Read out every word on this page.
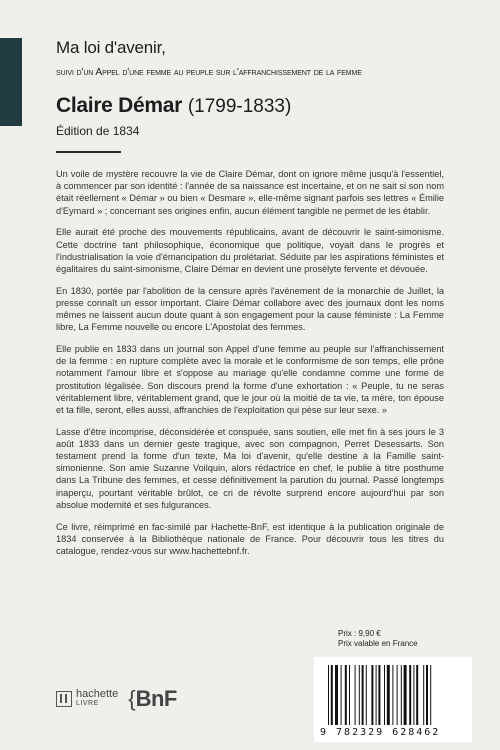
Ma loi d'avenir,
suivi d'un Appel d'une femme au peuple sur l'affranchissement de la femme
Claire Démar (1799-1833)
Édition de 1834

Un voile de mystère recouvre la vie de Claire Démar, dont on ignore même jusqu'à l'essentiel, à commencer par son identité : l'année de sa naissance est incertaine, et on ne sait si son nom était réellement « Démar » ou bien « Desmare », elle-même signant parfois ses lettres « Émilie d'Eymard » ; concernant ses origines enfin, aucun élément tangible ne permet de les établir.

Elle aurait été proche des mouvements républicains, avant de découvrir le saint-simonisme. Cette doctrine tant philosophique, économique que politique, voyait dans le progrès et l'industrialisation la voie d'émancipation du prolétariat. Séduite par les aspirations féministes et égalitaires du saint-simonisme, Claire Démar en devient une prosélyte fervente et dévouée.

En 1830, portée par l'abolition de la censure après l'avènement de la monarchie de Juillet, la presse connaît un essor important. Claire Démar collabore avec des journaux dont les noms mêmes ne laissent aucun doute quant à son engagement pour la cause féministe : La Femme libre, La Femme nouvelle ou encore L'Apostolat des femmes.

Elle publie en 1833 dans un journal son Appel d'une femme au peuple sur l'affranchissement de la femme : en rupture complète avec la morale et le conformisme de son temps, elle prône notamment l'amour libre et s'oppose au mariage qu'elle condamne comme une forme de prostitution légalisée. Son discours prend la forme d'une exhortation : « Peuple, tu ne seras véritablement libre, véritablement grand, que le jour où la moitié de ta vie, ta mère, ton épouse et ta fille, seront, elles aussi, affranchies de l'exploitation qui pèse sur leur sexe. »

Lasse d'être incomprise, déconsidérée et conspuée, sans soutien, elle met fin à ses jours le 3 août 1833 dans un dernier geste tragique, avec son compagnon, Perret Desessarts. Son testament prend la forme d'un texte, Ma loi d'avenir, qu'elle destine à la Famille saint-simonienne. Son amie Suzanne Voilquin, alors rédactrice en chef, le publie à titre posthume dans La Tribune des femmes, et cesse définitivement la parution du journal. Passé longtemps inaperçu, pourtant véritable brûlot, ce cri de révolte surprend encore aujourd'hui par son absolue modernité et ses fulgurances.

Ce livre, réimprimé en fac-similé par Hachette-BnF, est identique à la publication originale de 1834 conservée à la Bibliothèque nationale de France. Pour découvrir tous les titres du catalogue, rendez-vous sur www.hachettebnf.fr.

hachette
LIVRE	{ BnF
Prix : 9,90 €
Prix valable en France
9 782329 628462
